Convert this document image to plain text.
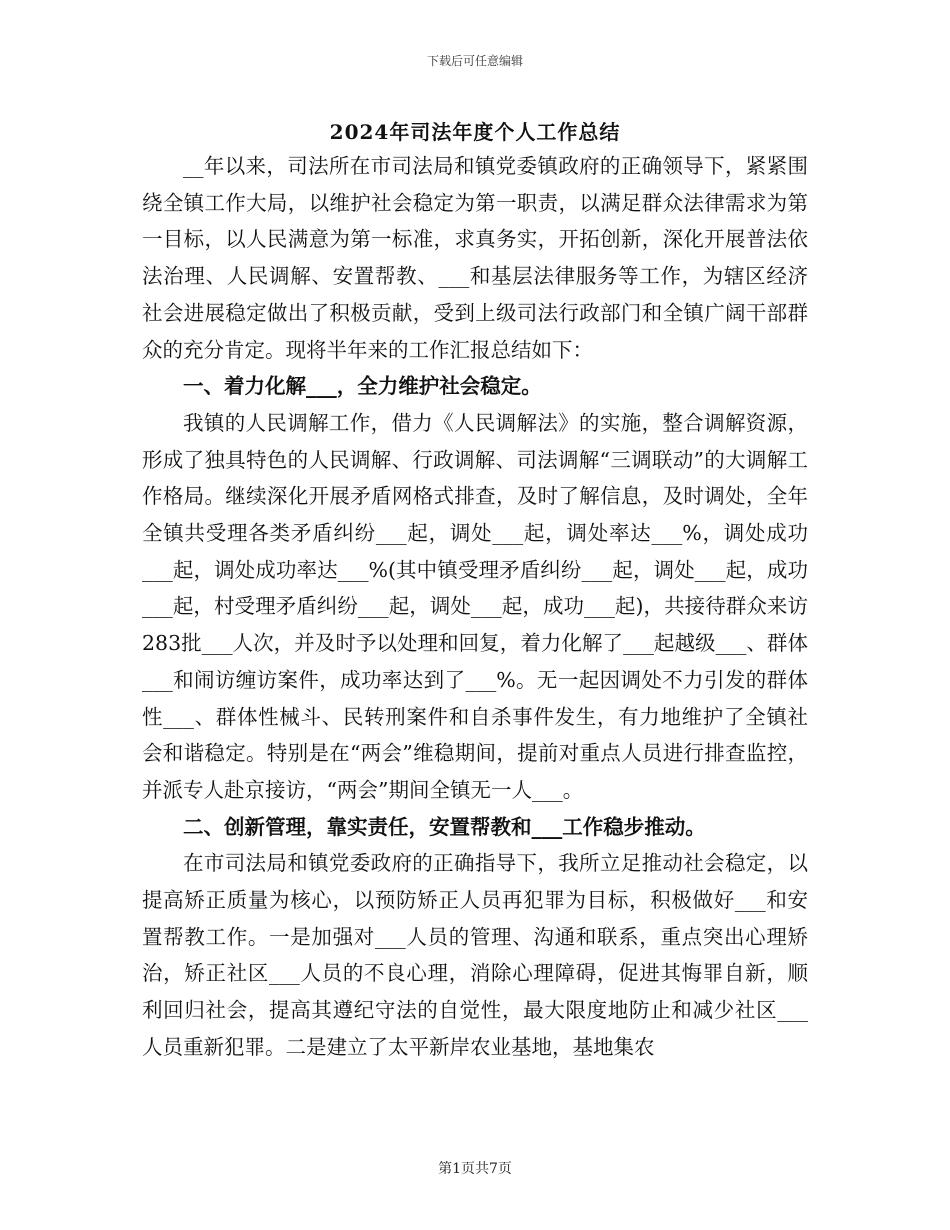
下载后可任意编辑
2024年司法年度个人工作总结

__年以来，司法所在市司法局和镇党委镇政府的正确领导下，紧紧围绕全镇工作大局，以维护社会稳定为第一职责，以满足群众法律需求为第一目标，以人民满意为第一标准，求真务实，开拓创新，深化开展普法依法治理、人民调解、安置帮教、___和基层法律服务等工作，为辖区经济社会进展稳定做出了积极贡献，受到上级司法行政部门和全镇广阔干部群众的充分肯定。现将半年来的工作汇报总结如下：

一、着力化解___，全力维护社会稳定。

我镇的人民调解工作，借力《人民调解法》的实施，整合调解资源，形成了独具特色的人民调解、行政调解、司法调解“三调联动”的大调解工作格局。继续深化开展矛盾网格式排查，及时了解信息，及时调处，全年全镇共受理各类矛盾纠纷___起，调处___起，调处率达___%，调处成功___起，调处成功率达___%(其中镇受理矛盾纠纷___起，调处___起，成功___起，村受理矛盾纠纷___起，调处___起，成功___起)，共接待群众来访283批___人次，并及时予以处理和回复，着力化解了___起越级___、群体___和闹访缠访案件，成功率达到了___%。无一起因调处不力引发的群体性___、群体性械斗、民转刑案件和自杀事件发生，有力地维护了全镇社会和谐稳定。特别是在“两会”维稳期间，提前对重点人员进行排查监控，并派专人赴京接访，“两会”期间全镇无一人___。

二、创新管理，靠实责任，安置帮教和___工作稳步推动。

在市司法局和镇党委政府的正确指导下，我所立足推动社会稳定，以提高矫正质量为核心，以预防矫正人员再犯罪为目标，积极做好___和安置帮教工作。一是加强对___人员的管理、沟通和联系，重点突出心理矫治，矫正社区___人员的不良心理，消除心理障碍，促进其悔罪自新，顺利回归社会，提高其遵纪守法的自觉性，最大限度地防止和减少社区___人员重新犯罪。二是建立了太平新岸农业基地，基地集农

第1页共7页
